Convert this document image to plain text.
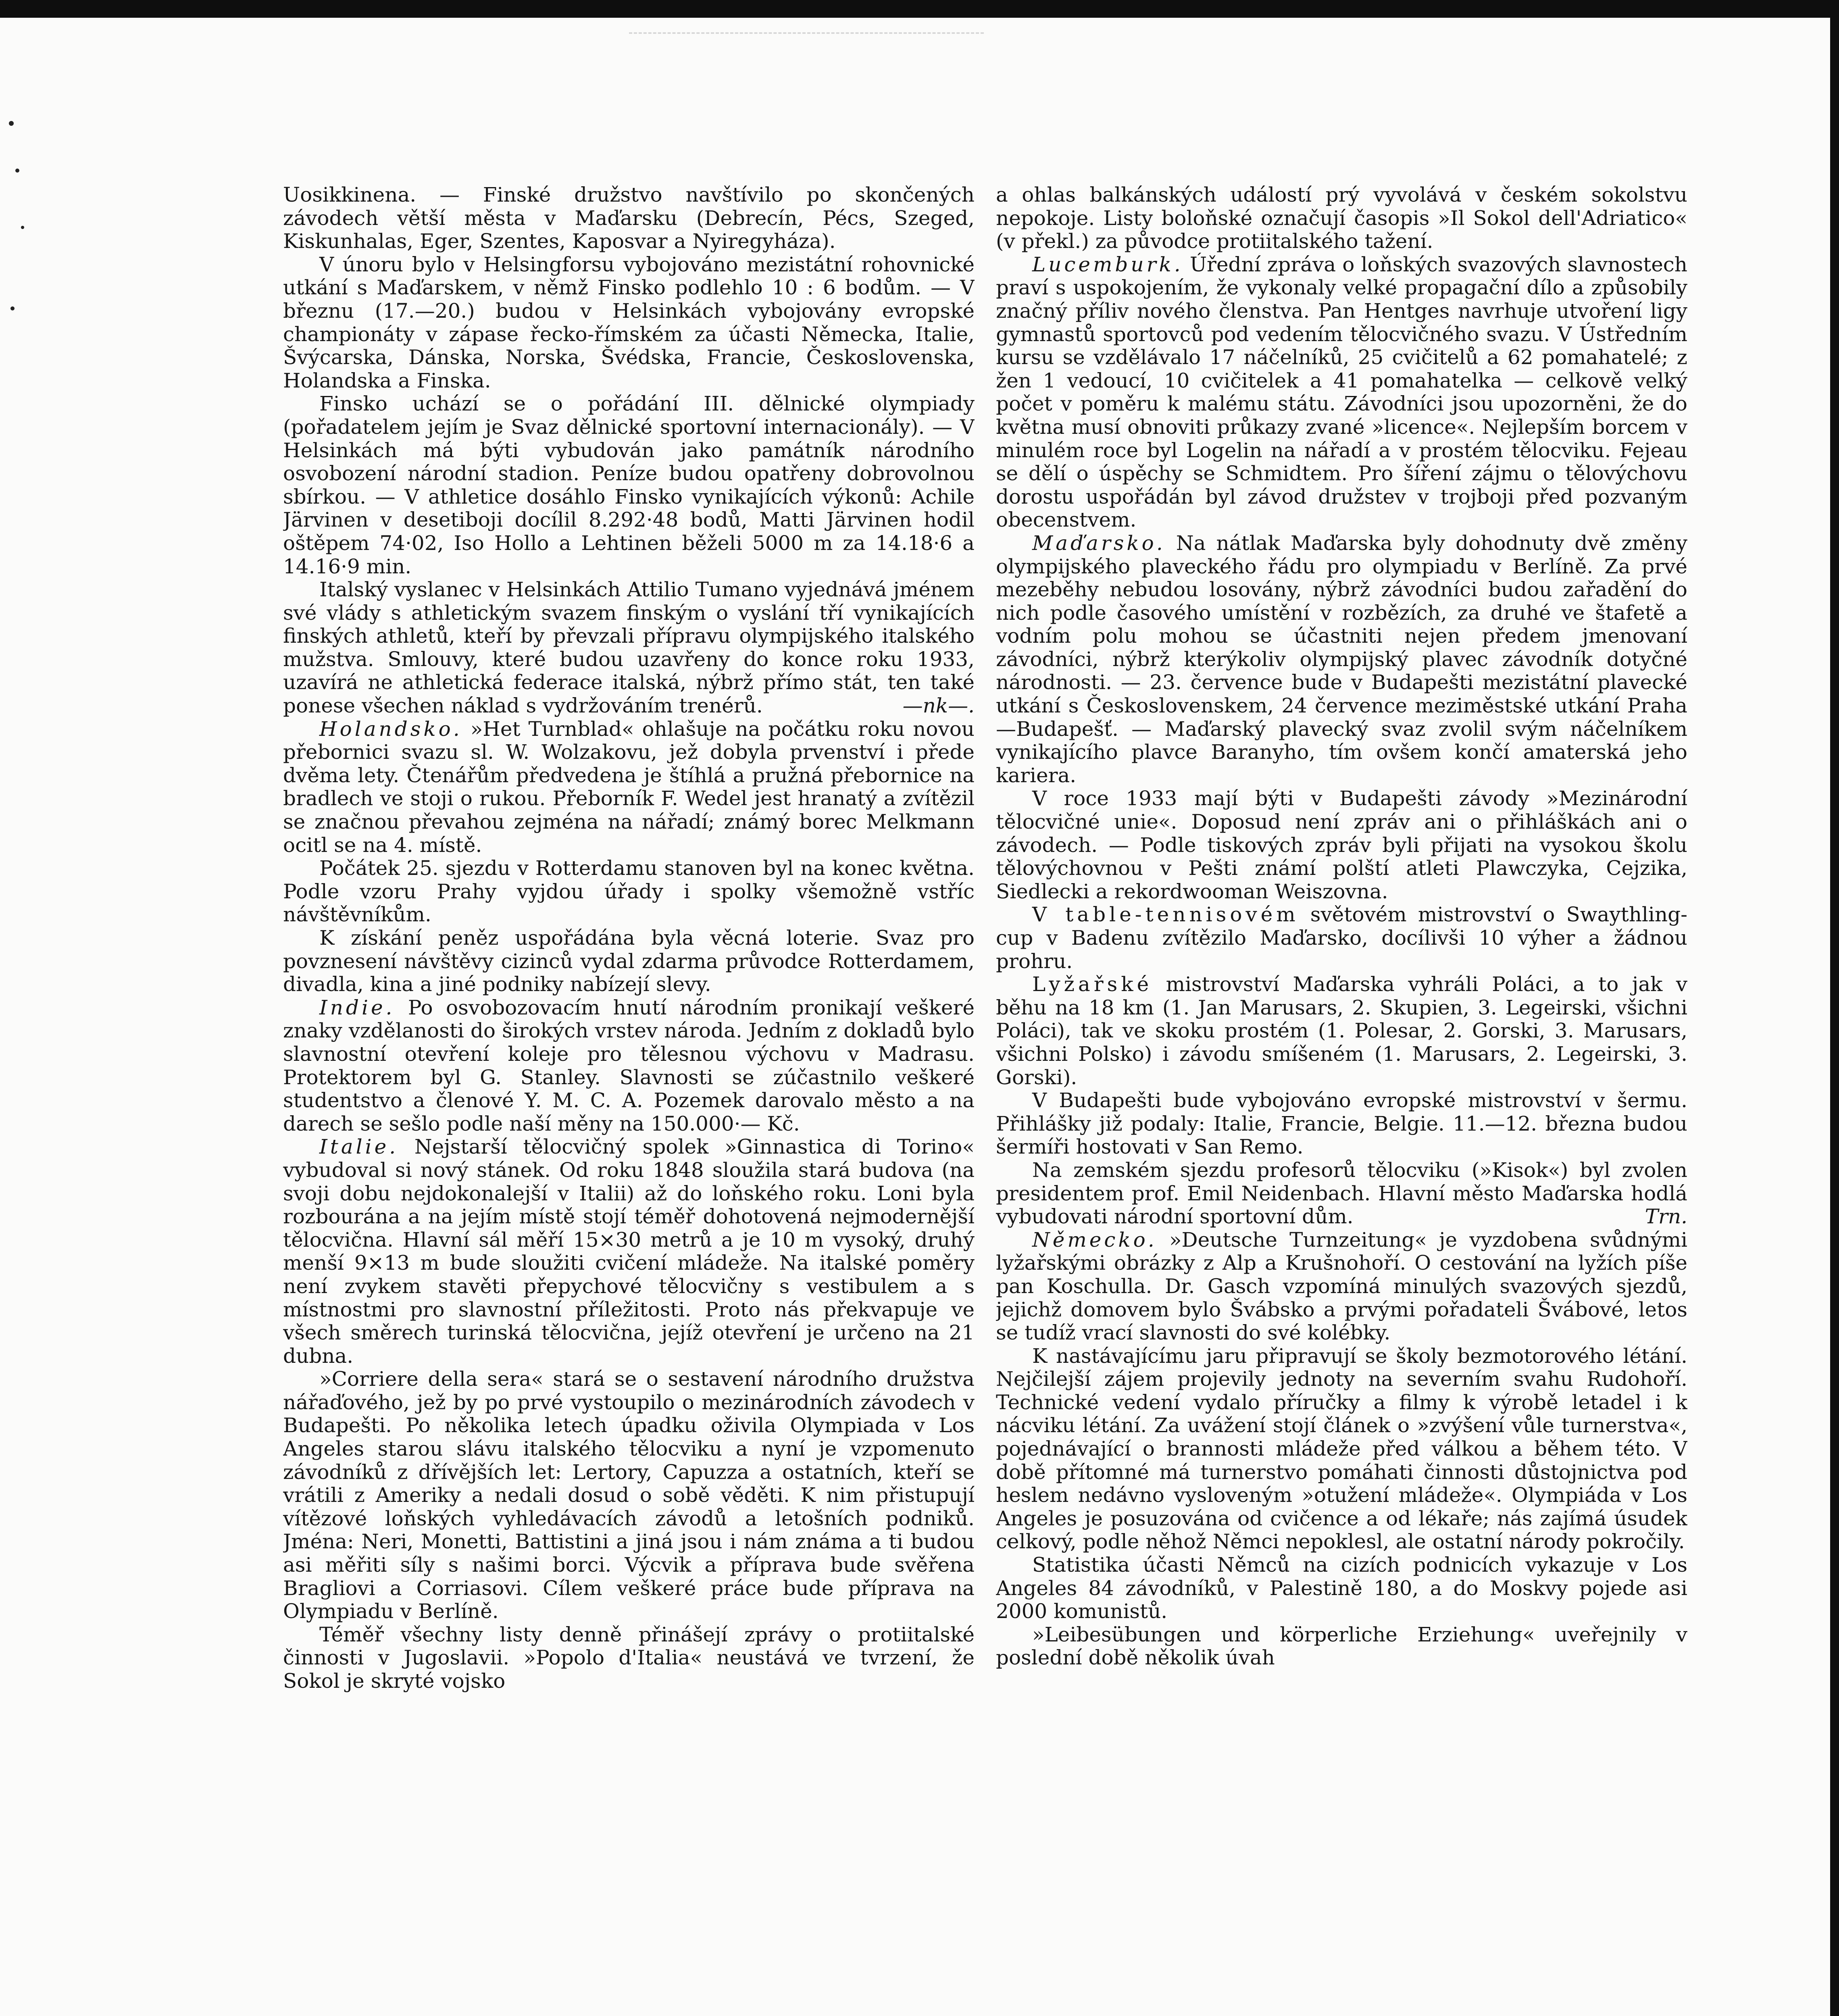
Uosikkinena. — Finské družstvo navštívilo po skončených závodech větší města v Maďarsku (Debrecín, Pécs, Szeged, Kiskunhalas, Eger, Szentes, Kaposvar a Nyiregyháza).

V únoru bylo v Helsingforsu vybojováno mezistátní rohovnické utkání s Maďarskem, v němž Finsko podlehlo 10 : 6 bodům. — V březnu (17.—20.) budou v Helsinkách vybojovány evropské championáty v zápase řecko-římském za účasti Německa, Italie, Švýcarska, Dánska, Norska, Švédska, Francie, Československa, Holandska a Finska.

Finsko uchází se o pořádání III. dělnické olympiady (pořadatelem jejím je Svaz dělnické sportovní internacionály). — V Helsinkách má býti vybudován jako památník národního osvobození národní stadion. Peníze budou opatřeny dobrovolnou sbírkou. — V athletice dosáhlo Finsko vynikajících výkonů: Achile Järvinen v desetiboji docílil 8.292·48 bodů, Matti Järvinen hodil oštěpem 74·02, Iso Hollo a Lehtinen běželi 5000 m za 14.18·6 a 14.16·9 min.

Italský vyslanec v Helsinkách Attilio Tumano vyjednává jménem své vlády s athletickým svazem finským o vyslání tří vynikajících finských athletů, kteří by převzali přípravu olympijského italského mužstva. Smlouvy, které budou uzavřeny do konce roku 1933, uzavírá ne athletická federace italská, nýbrž přímo stát, ten také ponese všechen náklad s vydržováním trenérů.	—nk—.

Holandsko. »Het Turnblad« ohlašuje na počátku roku novou přebornici svazu sl. W. Wolzakovu, jež dobyla prvenství i přede dvěma lety. Čtenářům předvedena je štíhlá a pružná přebornice na bradlech ve stoji o rukou. Přeborník F. Wedel jest hranatý a zvítězil se značnou převahou zejména na nářadí; známý borec Melkmann ocitl se na 4. místě.

Počátek 25. sjezdu v Rotterdamu stanoven byl na konec května. Podle vzoru Prahy vyjdou úřady i spolky všemožně vstříc návštěvníkům.

K získání peněz uspořádána byla věcná loterie. Svaz pro povznesení návštěvy cizinců vydal zdarma průvodce Rotterdamem, divadla, kina a jiné podniky nabízejí slevy.

Indie. Po osvobozovacím hnutí národním pronikají veškeré znaky vzdělanosti do širokých vrstev národa. Jedním z dokladů bylo slavnostní otevření koleje pro tělesnou výchovu v Madrasu. Protektorem byl G. Stanley. Slavnosti se zúčastnilo veškeré studentstvo a členové Y. M. C. A. Pozemek darovalo město a na darech se sešlo podle naší měny na 150.000·— Kč.

Italie. Nejstarší tělocvičný spolek »Ginnastica di Torino« vybudoval si nový stánek. Od roku 1848 sloužila stará budova (na svoji dobu nejdokonalejší v Italii) až do loňského roku. Loni byla rozbourána a na jejím místě stojí téměř dohotovená nejmodernější tělocvična. Hlavní sál měří 15×30 metrů a je 10 m vysoký, druhý menší 9×13 m bude sloužiti cvičení mládeže. Na italské poměry není zvykem stavěti přepychové tělocvičny s vestibulem a s místnostmi pro slavnostní příležitosti. Proto nás překvapuje ve všech směrech turinská tělocvična, jejíž otevření je určeno na 21 dubna.

»Corriere della sera« stará se o sestavení národního družstva nářaďového, jež by po prvé vystoupilo o mezinárodních závodech v Budapešti. Po několika letech úpadku oživila Olympiada v Los Angeles starou slávu italského tělocviku a nyní je vzpomenuto závodníků z dřívějších let: Lertory, Capuzza a ostatních, kteří se vrátili z Ameriky a nedali dosud o sobě věděti. K nim přistupují vítězové loňských vyhledávacích závodů a letošních podniků. Jména: Neri, Monetti, Battistini a jiná jsou i nám známa a ti budou asi měřiti síly s našimi borci. Výcvik a příprava bude svěřena Bragliovi a Corriasovi. Cílem veškeré práce bude příprava na Olympiadu v Berlíně.

Téměř všechny listy denně přinášejí zprávy o protiitalské činnosti v Jugoslavii. »Popolo d'Italia« neustává ve tvrzení, že Sokol je skryté vojsko

a ohlas balkánských událostí prý vyvolává v českém sokolstvu nepokoje. Listy boloňské označují časopis »Il Sokol dell'Adriatico« (v překl.) za původce protiitalského tažení.

Lucemburk. Úřední zpráva o loňských svazových slavnostech praví s uspokojením, že vykonaly velké propagační dílo a způsobily značný příliv nového členstva. Pan Hentges navrhuje utvoření ligy gymnastů sportovců pod vedením tělocvičného svazu. V Ústředním kursu se vzdělávalo 17 náčelníků, 25 cvičitelů a 62 pomahatelé; z žen 1 vedoucí, 10 cvičitelek a 41 pomahatelka — celkově velký počet v poměru k malému státu. Závodníci jsou upozorněni, že do května musí obnoviti průkazy zvané »licence«. Nejlepším borcem v minulém roce byl Logelin na nářadí a v prostém tělocviku. Fejeau se dělí o úspěchy se Schmidtem. Pro šíření zájmu o tělovýchovu dorostu uspořádán byl závod družstev v trojboji před pozvaným obecenstvem.

Maďarsko. Na nátlak Maďarska byly dohodnuty dvě změny olympijského plaveckého řádu pro olympiadu v Berlíně. Za prvé mezeběhy nebudou losovány, nýbrž závodníci budou zařadění do nich podle časového umístění v rozbězích, za druhé ve štafetě a vodním polu mohou se účastniti nejen předem jmenovaní závodníci, nýbrž kterýkoliv olympijský plavec závodník dotyčné národnosti. — 23. července bude v Budapešti mezistátní plavecké utkání s Československem, 24 července meziměstské utkání Praha—Budapešť. — Maďarský plavecký svaz zvolil svým náčelníkem vynikajícího plavce Baranyho, tím ovšem končí amaterská jeho kariera.

V roce 1933 mají býti v Budapešti závody »Mezinárodní tělocvičné unie«. Doposud není zpráv ani o přihláškách ani o závodech. — Podle tiskových zpráv byli přijati na vysokou školu tělovýchovnou v Pešti známí polští atleti Plawczyka, Cejzika, Siedlecki a rekordwooman Weiszovna.

V table-tennisovém světovém mistrovství o Swaythling-cup v Badenu zvítězilo Maďarsko, docílivši 10 výher a žádnou prohru.

Lyžařské mistrovství Maďarska vyhráli Poláci, a to jak v běhu na 18 km (1. Jan Marusars, 2. Skupien, 3. Legeirski, všichni Poláci), tak ve skoku prostém (1. Polesar, 2. Gorski, 3. Marusars, všichni Polsko) i závodu smíšeném (1. Marusars, 2. Legeirski, 3. Gorski).

V Budapešti bude vybojováno evropské mistrovství v šermu. Přihlášky již podaly: Italie, Francie, Belgie. 11.—12. března budou šermíři hostovati v San Remo.

Na zemském sjezdu profesorů tělocviku (»Kisok«) byl zvolen presidentem prof. Emil Neidenbach. Hlavní město Maďarska hodlá vybudovati národní sportovní dům.	Trn.

Německo. »Deutsche Turnzeitung« je vyzdobena svůdnými lyžařskými obrázky z Alp a Krušnohoří. O cestování na lyžích píše pan Koschulla. Dr. Gasch vzpomíná minulých svazových sjezdů, jejichž domovem bylo Švábsko a prvými pořadateli Švábové, letos se tudíž vrací slavnosti do své kolébky.

K nastávajícímu jaru připravují se školy bezmotorového létání. Nejčilejší zájem projevily jednoty na severním svahu Rudohoří. Technické vedení vydalo příručky a filmy k výrobě letadel i k nácviku létání. Za uvážení stojí článek o »zvýšení vůle turnerstva«, pojednávající o brannosti mládeže před válkou a během této. V době přítomné má turnerstvo pomáhati činnosti důstojnictva pod heslem nedávno vysloveným »otužení mládeže«. Olympiáda v Los Angeles je posuzována od cvičence a od lékaře; nás zajímá úsudek celkový, podle něhož Němci nepoklesl, ale ostatní národy pokročily.

Statistika účasti Němců na cizích podnicích vykazuje v Los Angeles 84 závodníků, v Palestině 180, a do Moskvy pojede asi 2000 komunistů.

»Leibesübungen und körperliche Erziehung« uveřejnily v poslední době několik úvah
